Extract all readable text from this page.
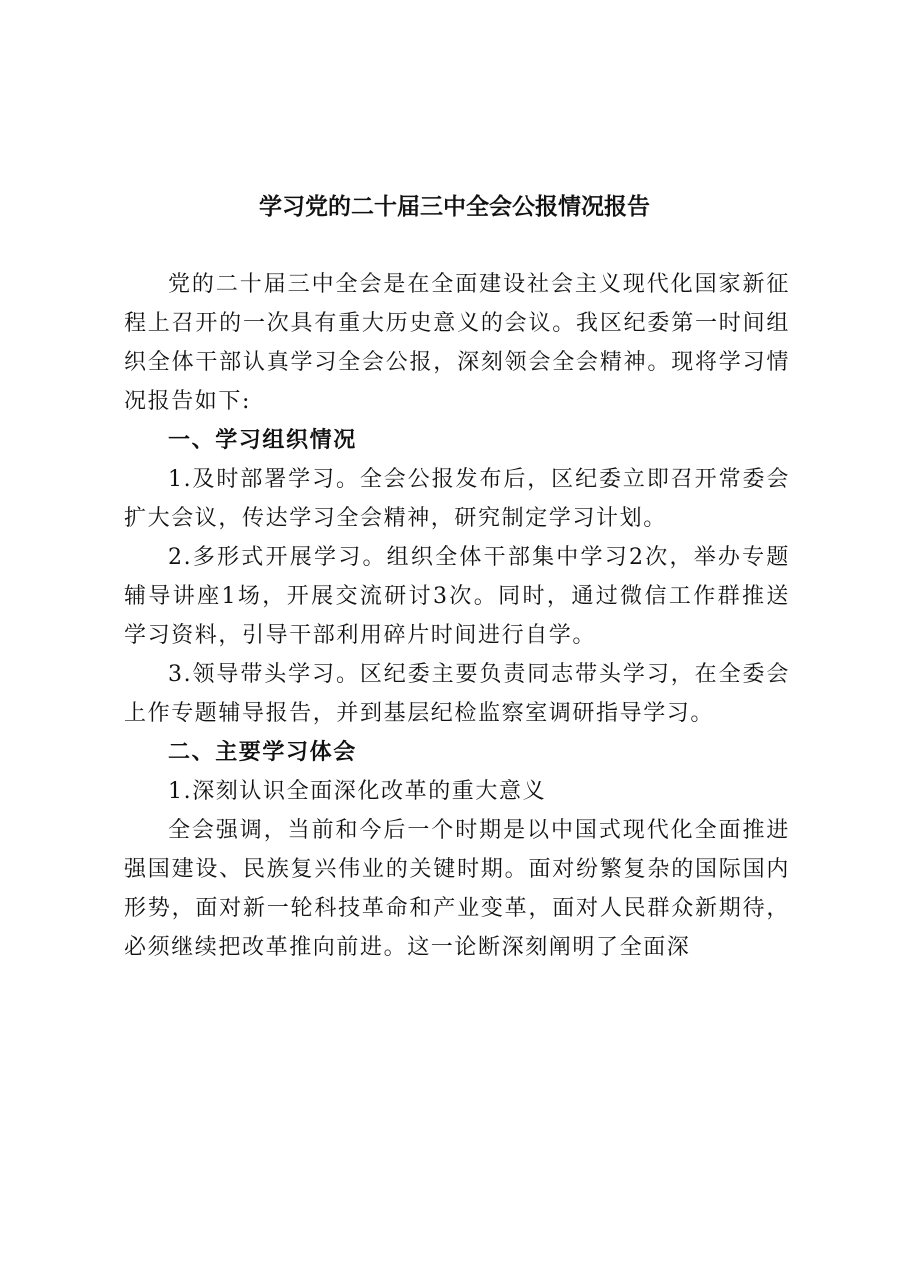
学习党的二十届三中全会公报情况报告

党的二十届三中全会是在全面建设社会主义现代化国家新征程上召开的一次具有重大历史意义的会议。我区纪委第一时间组织全体干部认真学习全会公报，深刻领会全会精神。现将学习情况报告如下:

一、学习组织情况

1.及时部署学习。全会公报发布后，区纪委立即召开常委会扩大会议，传达学习全会精神，研究制定学习计划。

2.多形式开展学习。组织全体干部集中学习2次，举办专题辅导讲座1场，开展交流研讨3次。同时，通过微信工作群推送学习资料，引导干部利用碎片时间进行自学。

3.领导带头学习。区纪委主要负责同志带头学习，在全委会上作专题辅导报告，并到基层纪检监察室调研指导学习。

二、主要学习体会

1.深刻认识全面深化改革的重大意义

全会强调，当前和今后一个时期是以中国式现代化全面推进强国建设、民族复兴伟业的关键时期。面对纷繁复杂的国际国内形势，面对新一轮科技革命和产业变革，面对人民群众新期待，必须继续把改革推向前进。这一论断深刻阐明了全面深
